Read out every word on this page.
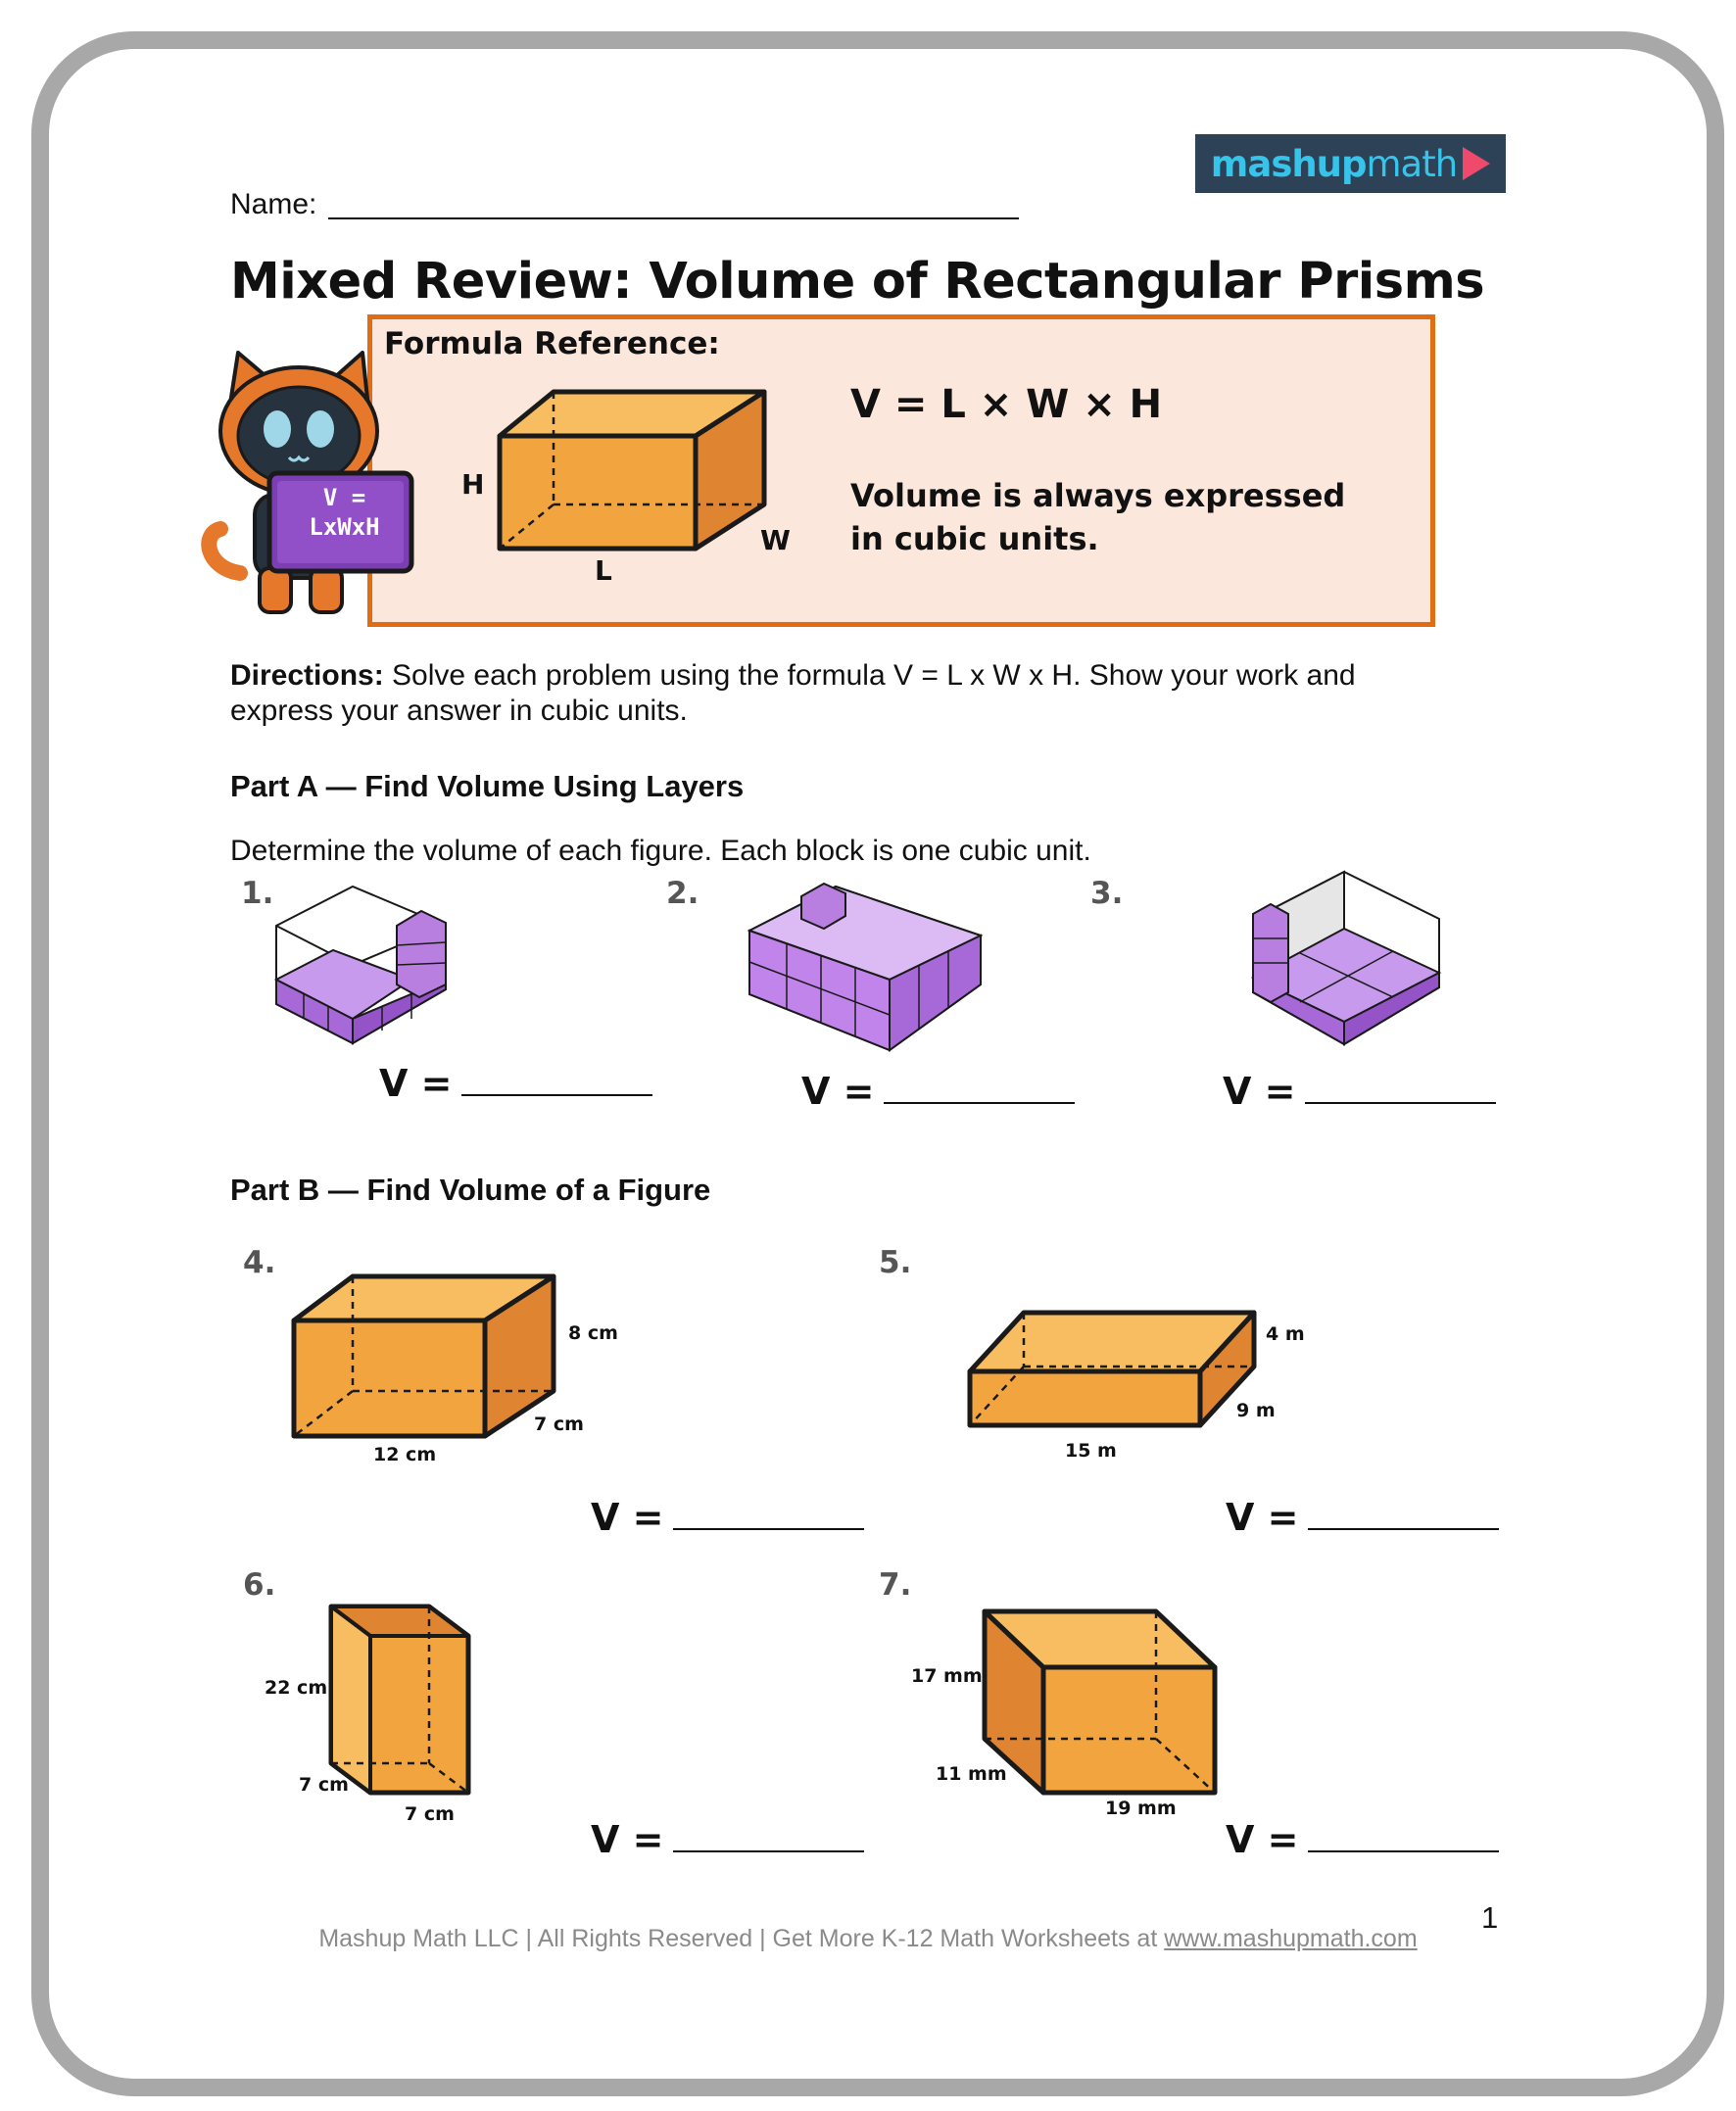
Name:
mashup math
Mixed Review: Volume of Rectangular Prisms
Formula Reference:
V = L × W × H
Volume is always expressed in cubic units.
H
W
L
V =
LxWxH
Directions: Solve each problem using the formula V = L x W x H. Show your work and express your answer in cubic units.
Part A — Find Volume Using Layers
Determine the volume of each figure. Each block is one cubic unit.
1.	2.	3.
V =	V =	V =
Part B — Find Volume of a Figure
4.	5.
6.	7.
8 cm
7 cm
12 cm
4 m
9 m
15 m
22 cm
7 cm
7 cm
17 mm
11 mm
19 mm
V =	V =
V =	V =
1
Mashup Math LLC | All Rights Reserved | Get More K-12 Math Worksheets at www.mashupmath.com
